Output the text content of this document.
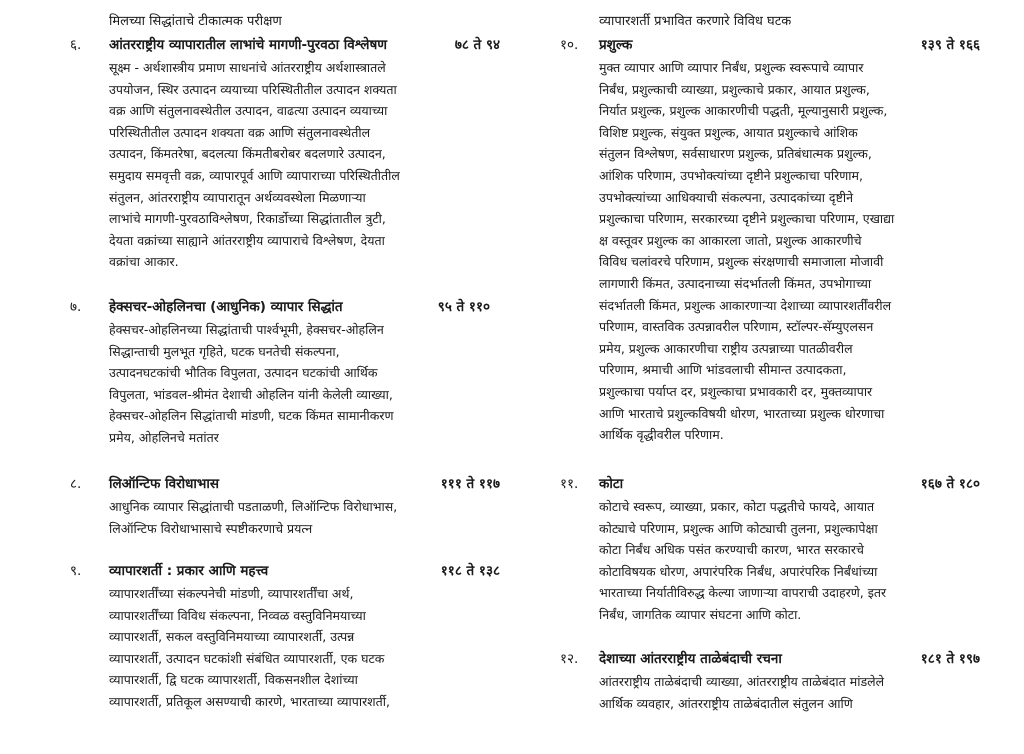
मिलच्या सिद्धांताचे टीकात्मक परीक्षण
६. आंतरराष्ट्रीय व्यापारातील लाभांचे मागणी-पुरवठा विश्लेषण	७८ ते ९४
सूक्ष्म - अर्थशास्त्रीय प्रमाण साधनांचे आंतरराष्ट्रीय अर्थशास्त्रातले
उपयोजन, स्थिर उत्पादन व्ययाच्या परिस्थितीतील उत्पादन शक्यता
वक्र आणि संतुलनावस्थेतील उत्पादन, वाढत्या उत्पादन व्ययाच्या
परिस्थितीतील उत्पादन शक्यता वक्र आणि संतुलनावस्थेतील
उत्पादन, किंमतरेषा, बदलत्या किंमतीबरोबर बदलणारे उत्पादन,
समुदाय समवृत्ती वक्र, व्यापारपूर्व आणि व्यापाराच्या परिस्थितीतील
संतुलन, आंतरराष्ट्रीय व्यापारातून अर्थव्यवस्थेला मिळणाऱ्या
लाभांचे मागणी-पुरवठाविश्लेषण, रिकार्डोच्या सिद्धांतातील त्रुटी,
देयता वक्रांच्या साह्याने आंतरराष्ट्रीय व्यापाराचे विश्लेषण, देयता
वक्रांचा आकार.
७. हेक्सचर-ओहलिनचा (आधुनिक) व्यापार सिद्धांत	९५ ते ११०
हेक्सचर-ओहलिनच्या सिद्धांताची पार्श्वभूमी, हेक्सचर-ओहलिन
सिद्धान्ताची मुलभूत गृहिते, घटक घनतेची संकल्पना,
उत्पादनघटकांची भौतिक विपुलता, उत्पादन घटकांची आर्थिक
विपुलता, भांडवल-श्रीमंत देशाची ओहलिन यांनी केलेली व्याख्या,
हेक्सचर-ओहलिन सिद्धांताची मांडणी, घटक किंमत सामानीकरण
प्रमेय, ओहलिनचे मतांतर
८. लिऑन्टिफ विरोधाभास	१११ ते ११७
आधुनिक व्यापार सिद्धांताची पडताळणी, लिऑन्टिफ विरोधाभास,
लिऑन्टिफ विरोधाभासाचे स्पष्टीकरणाचे प्रयत्न
९. व्यापारशर्ती : प्रकार आणि महत्त्व	११८ ते १३८
व्यापारशर्तींच्या संकल्पनेची मांडणी, व्यापारशर्तींचा अर्थ,
व्यापारशर्तींच्या विविध संकल्पना, निव्वळ वस्तुविनिमयाच्या
व्यापारशर्ती, सकल वस्तुविनिमयाच्या व्यापारशर्ती, उत्पन्न
व्यापारशर्ती, उत्पादन घटकांशी संबंधित व्यापारशर्ती, एक घटक
व्यापारशर्ती, द्वि घटक व्यापारशर्ती, विकसनशील देशांच्या
व्यापारशर्ती, प्रतिकूल असण्याची कारणे, भारताच्या व्यापारशर्ती,
व्यापारशर्ती प्रभावित करणारे विविध घटक
१०. प्रशुल्क	१३९ ते १६६
मुक्त व्यापार आणि व्यापार निर्बंध, प्रशुल्क स्वरूपाचे व्यापार
निर्बंध, प्रशुल्काची व्याख्या, प्रशुल्काचे प्रकार, आयात प्रशुल्क,
निर्यात प्रशुल्क, प्रशुल्क आकारणीची पद्धती, मूल्यानुसारी प्रशुल्क,
विशिष्ट प्रशुल्क, संयुक्त प्रशुल्क, आयात प्रशुल्काचे आंशिक
संतुलन विश्लेषण, सर्वसाधारण प्रशुल्क, प्रतिबंधात्मक प्रशुल्क,
आंशिक परिणाम, उपभोक्त्यांच्या दृष्टीने प्रशुल्काचा परिणाम,
उपभोक्त्यांच्या आधिक्याची संकल्पना, उत्पादकांच्या दृष्टीने
प्रशुल्काचा परिणाम, सरकारच्या दृष्टीने प्रशुल्काचा परिणाम, एखाद्या
क्ष वस्तूवर प्रशुल्क का आकारला जातो, प्रशुल्क आकारणीचे
विविध चलांवरचे परिणाम, प्रशुल्क संरक्षणाची समाजाला मोजावी
लागणारी किंमत, उत्पादनाच्या संदर्भातली किंमत, उपभोगाच्या
संदर्भातली किंमत, प्रशुल्क आकारणाऱ्या देशाच्या व्यापारशर्तींवरील
परिणाम, वास्तविक उत्पन्नावरील परिणाम, स्टॉल्पर-सॅम्युएलसन
प्रमेय, प्रशुल्क आकारणीचा राष्ट्रीय उत्पन्नाच्या पातळीवरील
परिणाम, श्रमाची आणि भांडवलाची सीमान्त उत्पादकता,
प्रशुल्काचा पर्याप्त दर, प्रशुल्काचा प्रभावकारी दर, मुक्तव्यापार
आणि भारताचे प्रशुल्कविषयी धोरण, भारताच्या प्रशुल्क धोरणाचा
आर्थिक वृद्धीवरील परिणाम.
११. कोटा	१६७ ते १८०
कोटाचे स्वरूप, व्याख्या, प्रकार, कोटा पद्धतीचे फायदे, आयात
कोट्याचे परिणाम, प्रशुल्क आणि कोट्याची तुलना, प्रशुल्कापेक्षा
कोटा निर्बंध अधिक पसंत करण्याची कारण, भारत सरकारचे
कोटाविषयक धोरण, अपारंपरिक निर्बंध, अपारंपरिक निर्बंधांच्या
भारताच्या निर्यातीविरुद्ध केल्या जाणाऱ्या वापराची उदाहरणे, इतर
निर्बंध, जागतिक व्यापार संघटना आणि कोटा.
१२. देशाच्या आंतरराष्ट्रीय ताळेबंदाची रचना	१८१ ते १९७
आंतरराष्ट्रीय ताळेबंदाची व्याख्या, आंतरराष्ट्रीय ताळेबंदात मांडलेले
आर्थिक व्यवहार, आंतरराष्ट्रीय ताळेबंदातील संतुलन आणि
